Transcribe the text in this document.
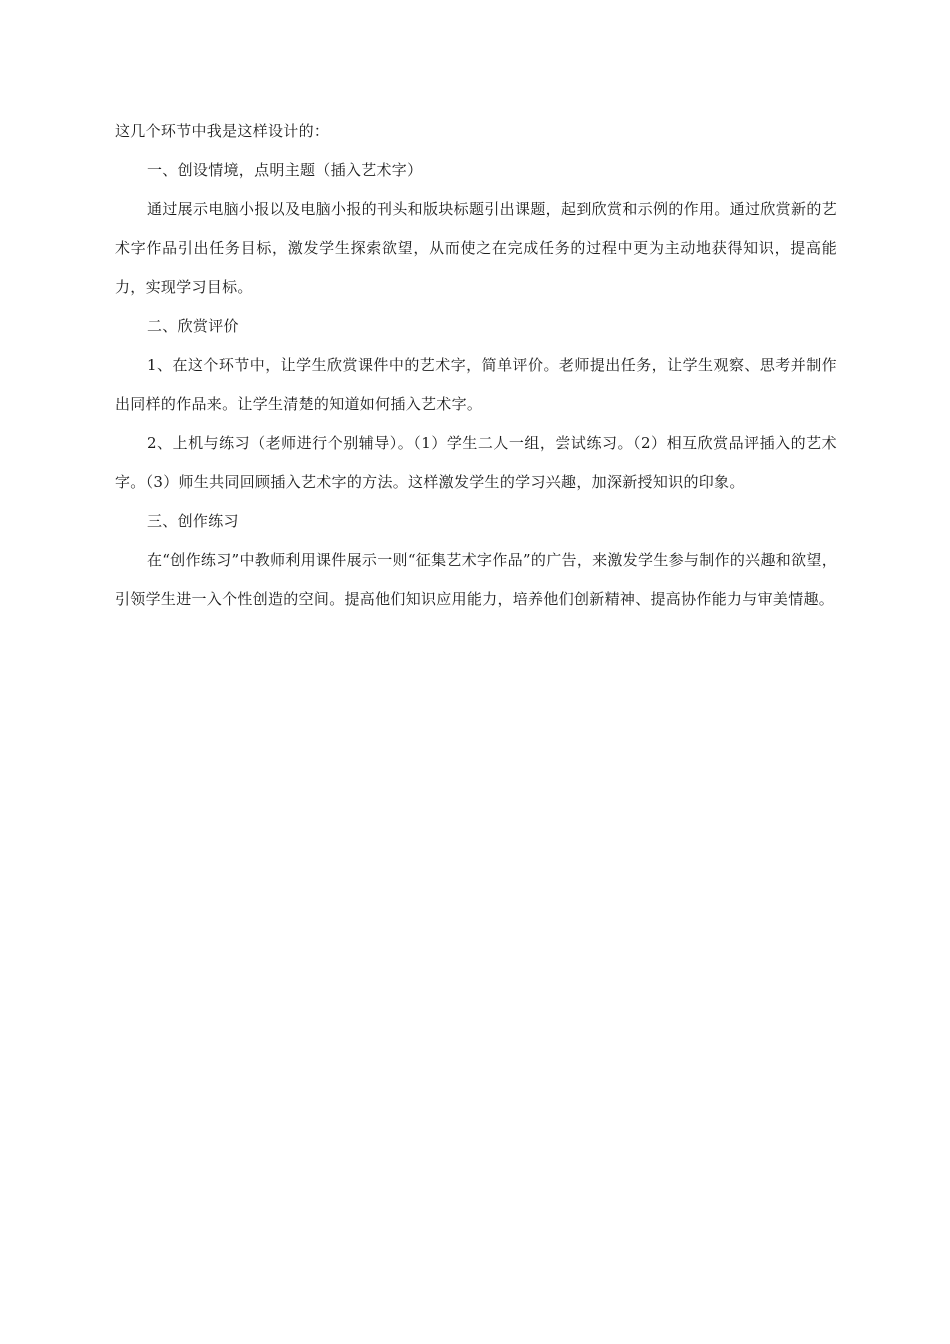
这几个环节中我是这样设计的：

一、创设情境，点明主题（插入艺术字）

通过展示电脑小报以及电脑小报的刊头和版块标题引出课题，起到欣赏和示例的作用。通过欣赏新的艺术字作品引出任务目标，激发学生探索欲望，从而使之在完成任务的过程中更为主动地获得知识，提高能力，实现学习目标。

二、欣赏评价

1、在这个环节中，让学生欣赏课件中的艺术字，简单评价。老师提出任务，让学生观察、思考并制作出同样的作品来。让学生清楚的知道如何插入艺术字。

2、上机与练习（老师进行个别辅导）。（1）学生二人一组，尝试练习。（2）相互欣赏品评插入的艺术字。（3）师生共同回顾插入艺术字的方法。这样激发学生的学习兴趣，加深新授知识的印象。

三、创作练习

在“创作练习”中教师利用课件展示一则“征集艺术字作品”的广告，来激发学生参与制作的兴趣和欲望，引领学生进一入个性创造的空间。提高他们知识应用能力，培养他们创新精神、提高协作能力与审美情趣。
